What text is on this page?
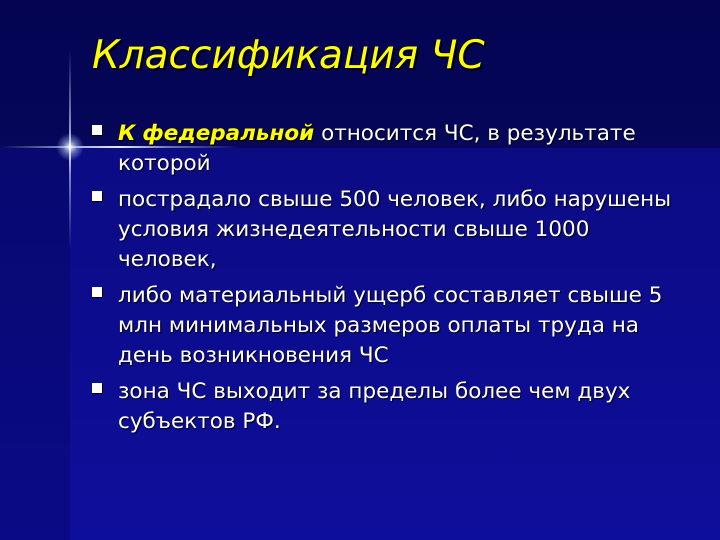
Классификация ЧС
К федеральной относится ЧС, в результате которой
пострадало свыше 500 человек, либо нарушены условия жизнедеятельности свыше 1000 человек,
либо материальный ущерб составляет свыше 5 млн минимальных размеров оплаты труда на день возникновения ЧС
зона ЧС выходит за пределы более чем двух субъектов РФ.
